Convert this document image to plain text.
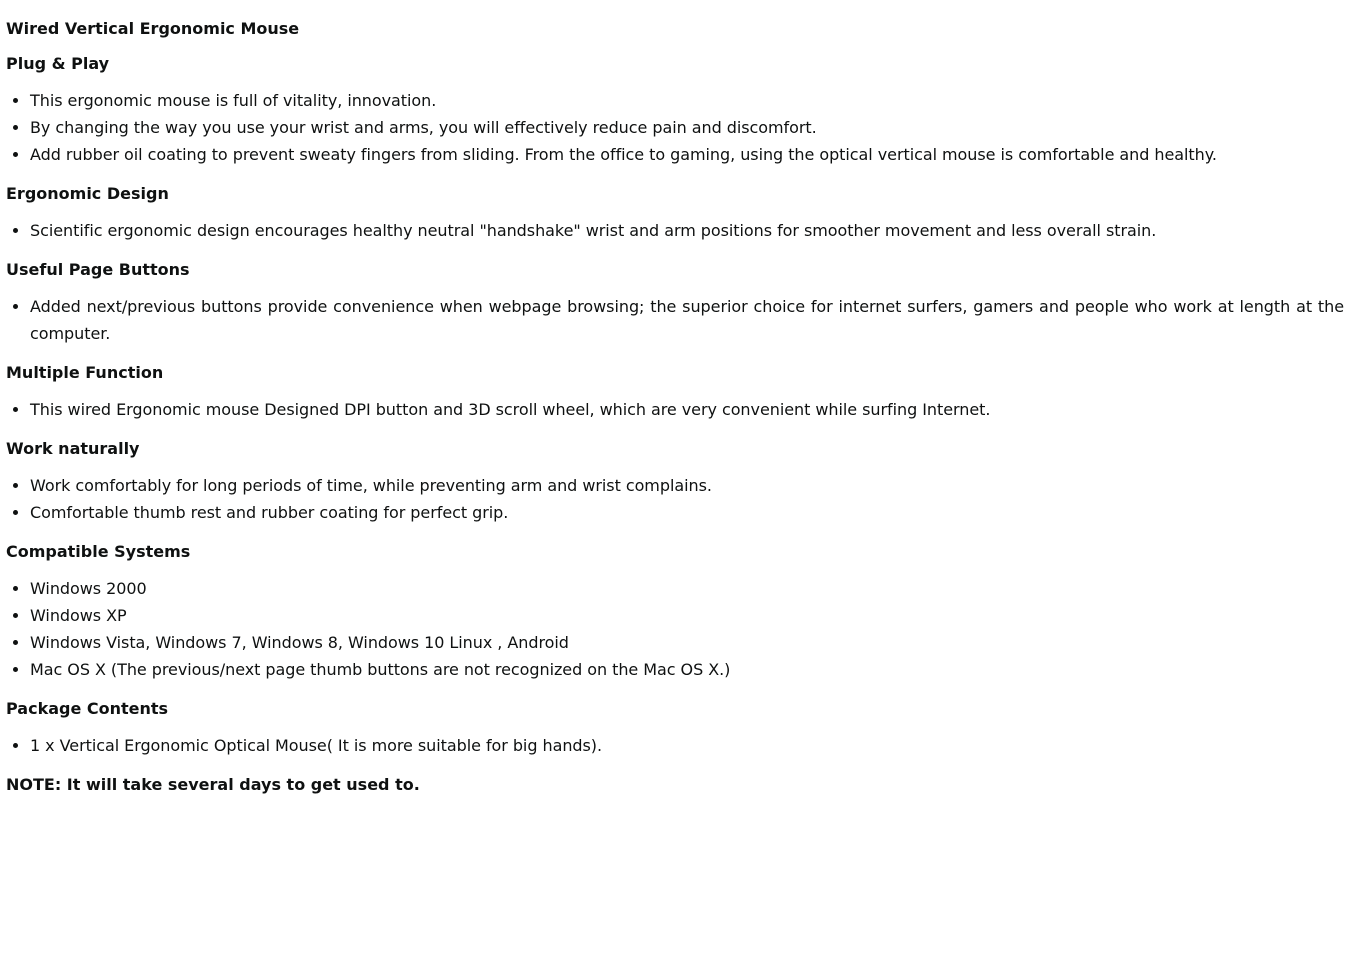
Wired Vertical Ergonomic Mouse

Plug & Play

• This ergonomic mouse is full of vitality, innovation.
• By changing the way you use your wrist and arms, you will effectively reduce pain and discomfort.
• Add rubber oil coating to prevent sweaty fingers from sliding. From the office to gaming, using the optical vertical mouse is comfortable and healthy.

Ergonomic Design

• Scientific ergonomic design encourages healthy neutral "handshake" wrist and arm positions for smoother movement and less overall strain.

Useful Page Buttons

• Added next/previous buttons provide convenience when webpage browsing; the superior choice for internet surfers, gamers and people who work at length at the computer.

Multiple Function

• This wired Ergonomic mouse Designed DPI button and 3D scroll wheel, which are very convenient while surfing Internet.

Work naturally

• Work comfortably for long periods of time, while preventing arm and wrist complains.
• Comfortable thumb rest and rubber coating for perfect grip.

Compatible Systems

• Windows 2000
• Windows XP
• Windows Vista, Windows 7, Windows 8, Windows 10 Linux , Android
• Mac OS X (The previous/next page thumb buttons are not recognized on the Mac OS X.)

Package Contents

• 1 x Vertical Ergonomic Optical Mouse( It is more suitable for big hands).

NOTE: It will take several days to get used to.
